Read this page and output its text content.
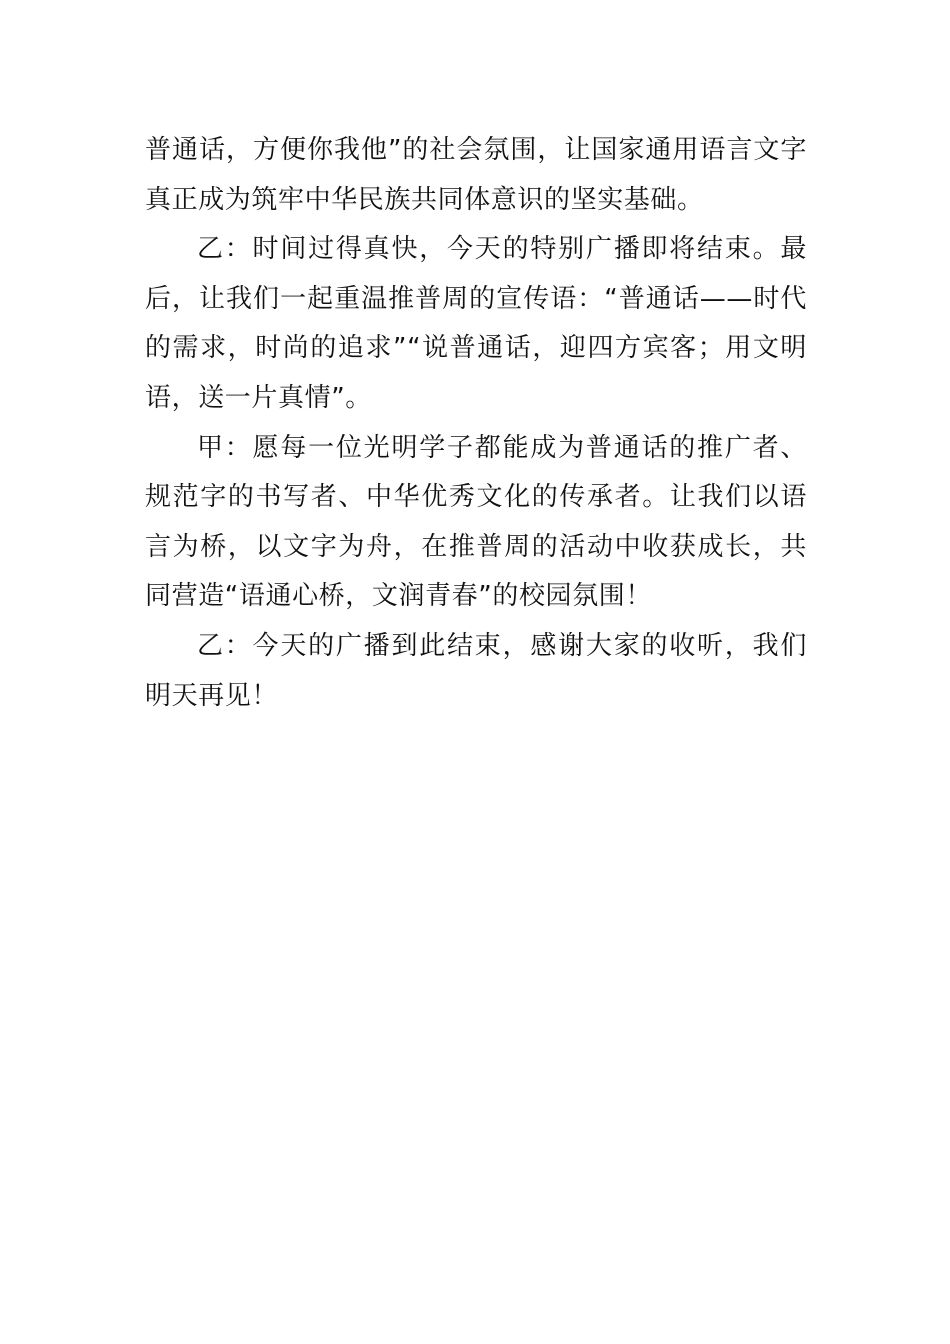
普通话，方便你我他”的社会氛围，让国家通用语言文字真正成为筑牢中华民族共同体意识的坚实基础。

乙：时间过得真快，今天的特别广播即将结束。最后，让我们一起重温推普周的宣传语：“普通话——时代的需求，时尚的追求”“说普通话，迎四方宾客；用文明语，送一片真情”。

甲：愿每一位光明学子都能成为普通话的推广者、规范字的书写者、中华优秀文化的传承者。让我们以语言为桥，以文字为舟，在推普周的活动中收获成长，共同营造“语通心桥，文润青春”的校园氛围！

乙：今天的广播到此结束，感谢大家的收听，我们明天再见！
